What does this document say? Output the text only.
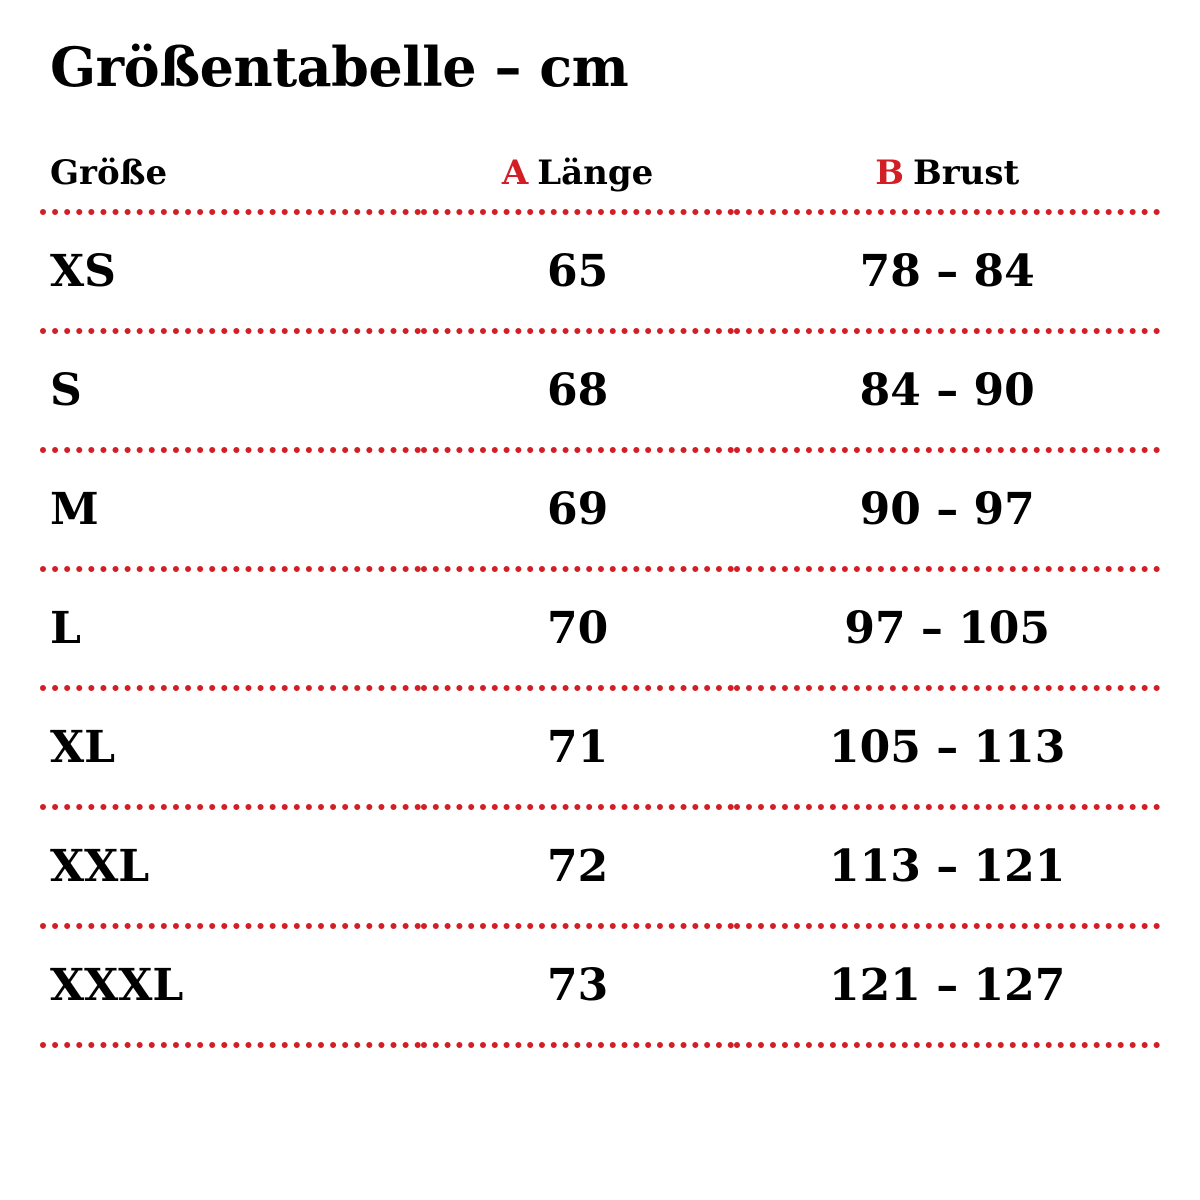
Größentabelle – cm
Größe	A Länge	B Brust
XS	65	78 – 84
S	68	84 – 90
M	69	90 – 97
L	70	97 – 105
XL	71	105 – 113
XXL	72	113 – 121
XXXL	73	121 – 127
